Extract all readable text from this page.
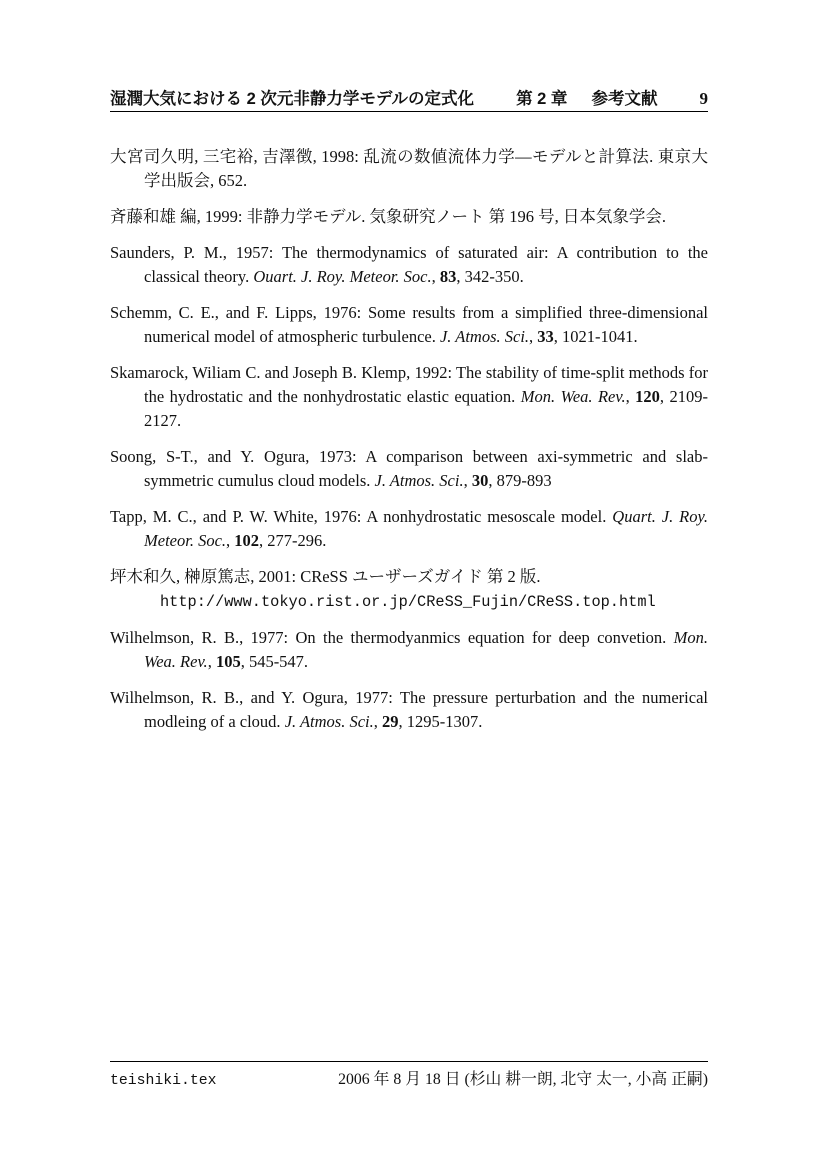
湿潤大気における 2 次元非静力学モデルの定式化	第 2 章 参考文献 9
大宮司久明, 三宅裕, 吉澤徴, 1998: 乱流の数値流体力学—モデルと計算法. 東京大学出版会, 652.
斉藤和雄 編, 1999: 非静力学モデル. 気象研究ノート 第 196 号, 日本気象学会.
Saunders, P. M., 1957: The thermodynamics of saturated air: A contribution to the classical theory. Ouart. J. Roy. Meteor. Soc., 83, 342-350.
Schemm, C. E., and F. Lipps, 1976: Some results from a simplified three-dimensional numerical model of atmospheric turbulence. J. Atmos. Sci., 33, 1021-1041.
Skamarock, Wiliam C. and Joseph B. Klemp, 1992: The stability of time-split methods for the hydrostatic and the nonhydrostatic elastic equation. Mon. Wea. Rev., 120, 2109-2127.
Soong, S-T., and Y. Ogura, 1973: A comparison between axi-symmetric and slab-symmetric cumulus cloud models. J. Atmos. Sci., 30, 879-893
Tapp, M. C., and P. W. White, 1976: A nonhydrostatic mesoscale model. Quart. J. Roy. Meteor. Soc., 102, 277-296.
坪木和久, 榊原篤志, 2001: CReSS ユーザーズガイド 第 2 版.
http://www.tokyo.rist.or.jp/CReSS_Fujin/CReSS.top.html
Wilhelmson, R. B., 1977: On the thermodyanmics equation for deep convetion. Mon. Wea. Rev., 105, 545-547.
Wilhelmson, R. B., and Y. Ogura, 1977: The pressure perturbation and the numerical modleing of a cloud. J. Atmos. Sci., 29, 1295-1307.
teishiki.tex	2006 年 8 月 18 日 (杉山 耕一朗, 北守 太一, 小高 正嗣)
